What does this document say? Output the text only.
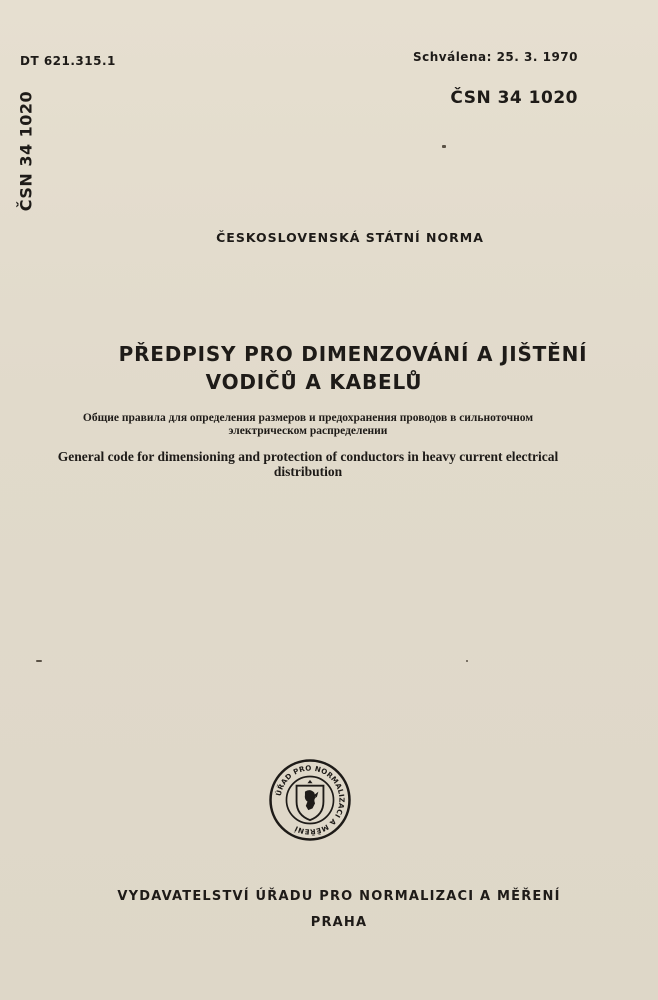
DT 621.315.1	Schválena: 25. 3. 1970
ČSN 34 1020
ČSN 34 1020
ČESKOSLOVENSKÁ STÁTNÍ NORMA
PŘEDPISY PRO DIMENZOVÁNÍ A JIŠTĚNÍ
VODIČŮ A KABELŮ
Общие правила для определения размеров и предохранения проводов в сильноточном
электрическом распределении
General code for dimensioning and protection of conductors in heavy current electrical
distribution
ÚŘAD PRO NORMALIZACI A MĚŘENÍ
VYDAVATELSTVÍ ÚŘADU PRO NORMALIZACI A MĚŘENÍ
PRAHA
